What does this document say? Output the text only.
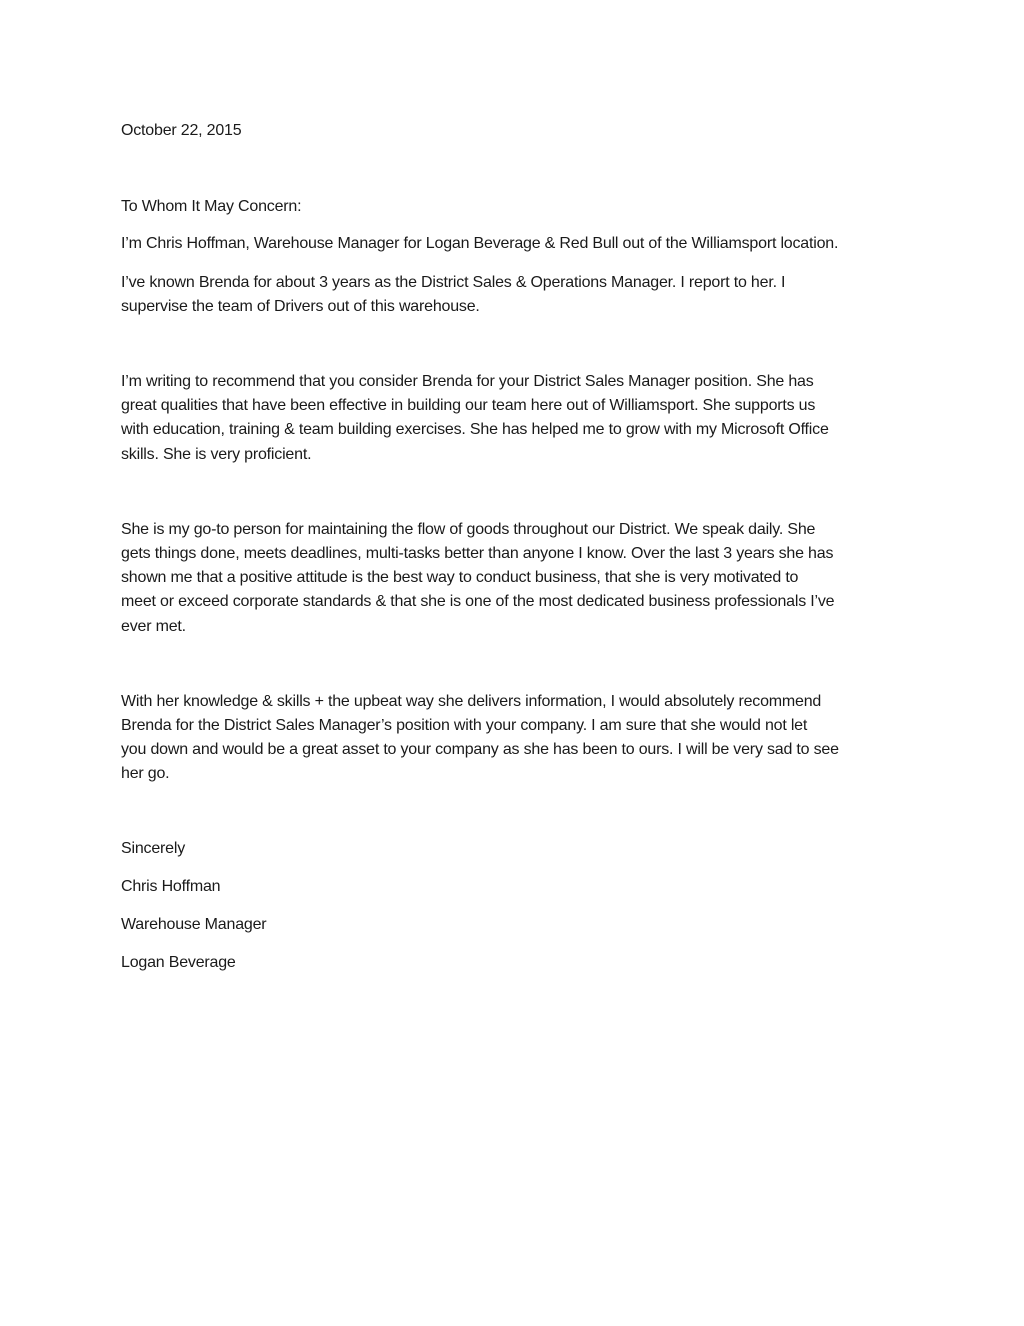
October 22, 2015

To Whom It May Concern:

I’m Chris Hoffman, Warehouse Manager for Logan Beverage & Red Bull out of the Williamsport location.

I’ve known Brenda for about 3 years as the District Sales & Operations Manager. I report to her. I
supervise the team of Drivers out of this warehouse.

I’m writing to recommend that you consider Brenda for your District Sales Manager position. She has
great qualities that have been effective in building our team here out of Williamsport. She supports us
with education, training & team building exercises. She has helped me to grow with my Microsoft Office
skills. She is very proficient.

She is my go-to person for maintaining the flow of goods throughout our District. We speak daily. She
gets things done, meets deadlines, multi-tasks better than anyone I know. Over the last 3 years she has
shown me that a positive attitude is the best way to conduct business, that she is very motivated to
meet or exceed corporate standards & that she is one of the most dedicated business professionals I’ve
ever met.

With her knowledge & skills + the upbeat way she delivers information, I would absolutely recommend
Brenda for the District Sales Manager’s position with your company. I am sure that she would not let
you down and would be a great asset to your company as she has been to ours. I will be very sad to see
her go.

Sincerely

Chris Hoffman

Warehouse Manager

Logan Beverage
